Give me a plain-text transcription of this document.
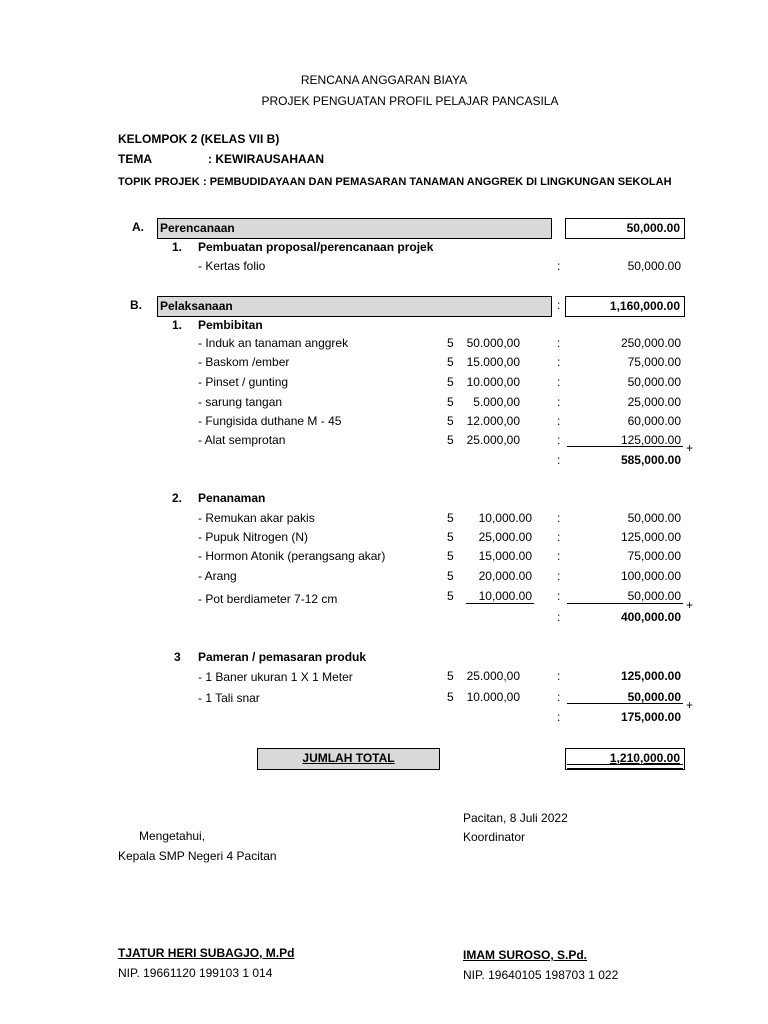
RENCANA ANGGARAN BIAYA
PROJEK PENGUATAN PROFIL PELAJAR PANCASILA
KELOMPOK 2 (KELAS VII B)
TEMA	: KEWIRAUSAHAAN
TOPIK PROJEK : PEMBUDIDAYAAN DAN PEMASARAN TANAMAN ANGGREK DI LINGKUNGAN SEKOLAH
A. Perencanaan	50,000.00
1. Pembuatan proposal/perencanaan projek
- Kertas folio	:	50,000.00
B. Pelaksanaan	:	1,160,000.00
1. Pembibitan
- Induk an tanaman anggrek	5	50.000,00	:	250,000.00
- Baskom /ember	5	15.000,00	:	75,000.00
- Pinset / gunting	5	10.000,00	:	50,000.00
- sarung tangan	5	5.000,00	:	25,000.00
- Fungisida duthane M - 45	5	12.000,00	:	60,000.00
- Alat semprotan	5	25.000,00	:	125,000.00
+
:	585,000.00
2. Penanaman
- Remukan akar pakis	5	10,000.00 :	50,000.00
- Pupuk Nitrogen (N)	5	25,000.00 :	125,000.00
- Hormon Atonik (perangsang akar)	5	15,000.00 :	75,000.00
- Arang	5	20,000.00 :	100,000.00
- Pot berdiameter 7-12 cm	5	10,000.00 :	50,000.00
+
:	400,000.00
3 Pameran / pemasaran produk
- 1 Baner ukuran 1 X 1 Meter	5	25.000,00	:	125,000.00
- 1 Tali snar	5	10.000,00	:	50,000.00
+
:	175,000.00
JUMLAH TOTAL	1,210,000.00
Pacitan, 8 Juli 2022
Koordinator
Mengetahui,
Kepala SMP Negeri 4 Pacitan
TJATUR HERI SUBAGJO, M.Pd
NIP. 19661120 199103 1 014
IMAM SUROSO, S.Pd.
NIP. 19640105 198703 1 022
